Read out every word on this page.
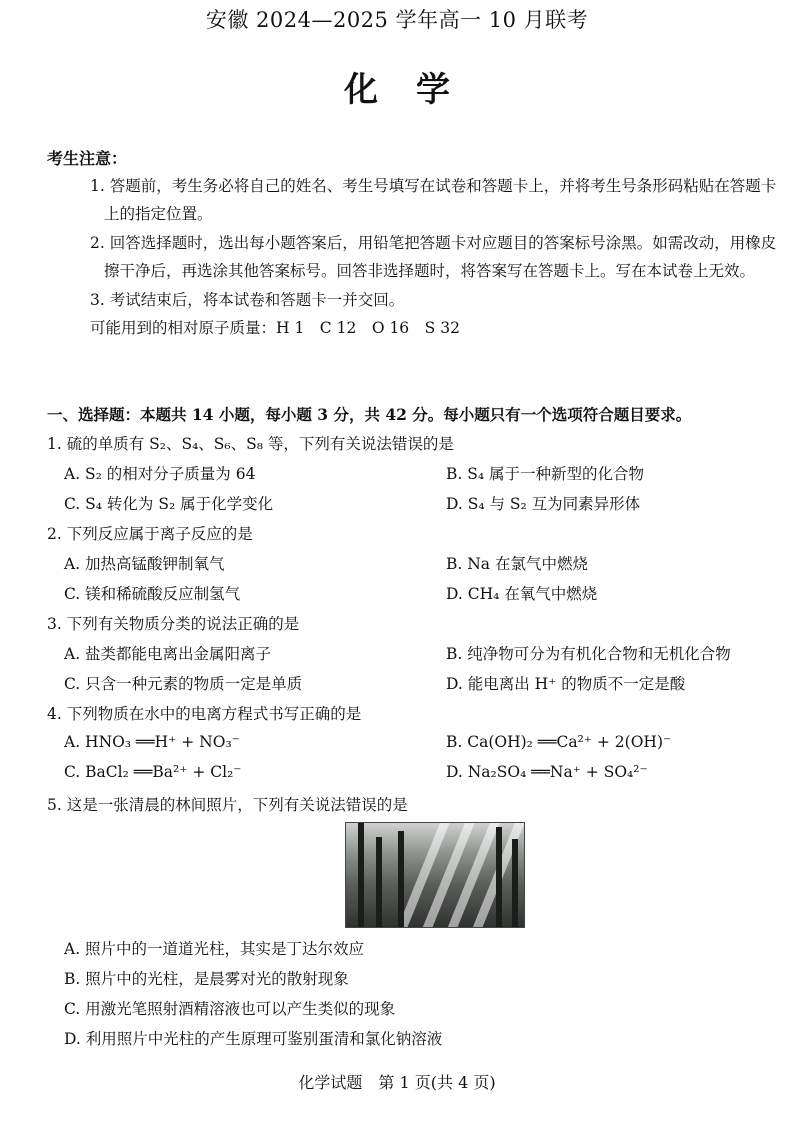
安徽 2024—2025 学年高一 10 月联考
化学
考生注意：
1. 答题前，考生务必将自己的姓名、考生号填写在试卷和答题卡上，并将考生号条形码粘贴在答题卡上的指定位置。
2. 回答选择题时，选出每小题答案后，用铅笔把答题卡对应题目的答案标号涂黑。如需改动，用橡皮擦干净后，再选涂其他答案标号。回答非选择题时，将答案写在答题卡上。写在本试卷上无效。
3. 考试结束后，将本试卷和答题卡一并交回。
可能用到的相对原子质量：H 1　C 12　O 16　S 32
一、选择题：本题共 14 小题，每小题 3 分，共 42 分。每小题只有一个选项符合题目要求。
1. 硫的单质有 S₂、S₄、S₆、S₈ 等，下列有关说法错误的是
A. S₂ 的相对分子质量为 64	B. S₄ 属于一种新型的化合物
C. S₄ 转化为 S₂ 属于化学变化	D. S₄ 与 S₂ 互为同素异形体
2. 下列反应属于离子反应的是
A. 加热高锰酸钾制氧气	B. Na 在氯气中燃烧
C. 镁和稀硫酸反应制氢气	D. CH₄ 在氧气中燃烧
3. 下列有关物质分类的说法正确的是
A. 盐类都能电离出金属阳离子	B. 纯净物可分为有机化合物和无机化合物
C. 只含一种元素的物质一定是单质	D. 能电离出 H⁺ 的物质不一定是酸
4. 下列物质在水中的电离方程式书写正确的是
A. HNO₃ ══H⁺ + NO₃⁻	B. Ca(OH)₂ ══Ca²⁺ + 2(OH)⁻
C. BaCl₂ ══Ba²⁺ + Cl₂⁻	D. Na₂SO₄ ══Na⁺ + SO₄²⁻
5. 这是一张清晨的林间照片，下列有关说法错误的是
A. 照片中的一道道光柱，其实是丁达尔效应
B. 照片中的光柱，是晨雾对光的散射现象
C. 用激光笔照射酒精溶液也可以产生类似的现象
D. 利用照片中光柱的产生原理可鉴别蛋清和氯化钠溶液
化学试题　第 1 页(共 4 页)
